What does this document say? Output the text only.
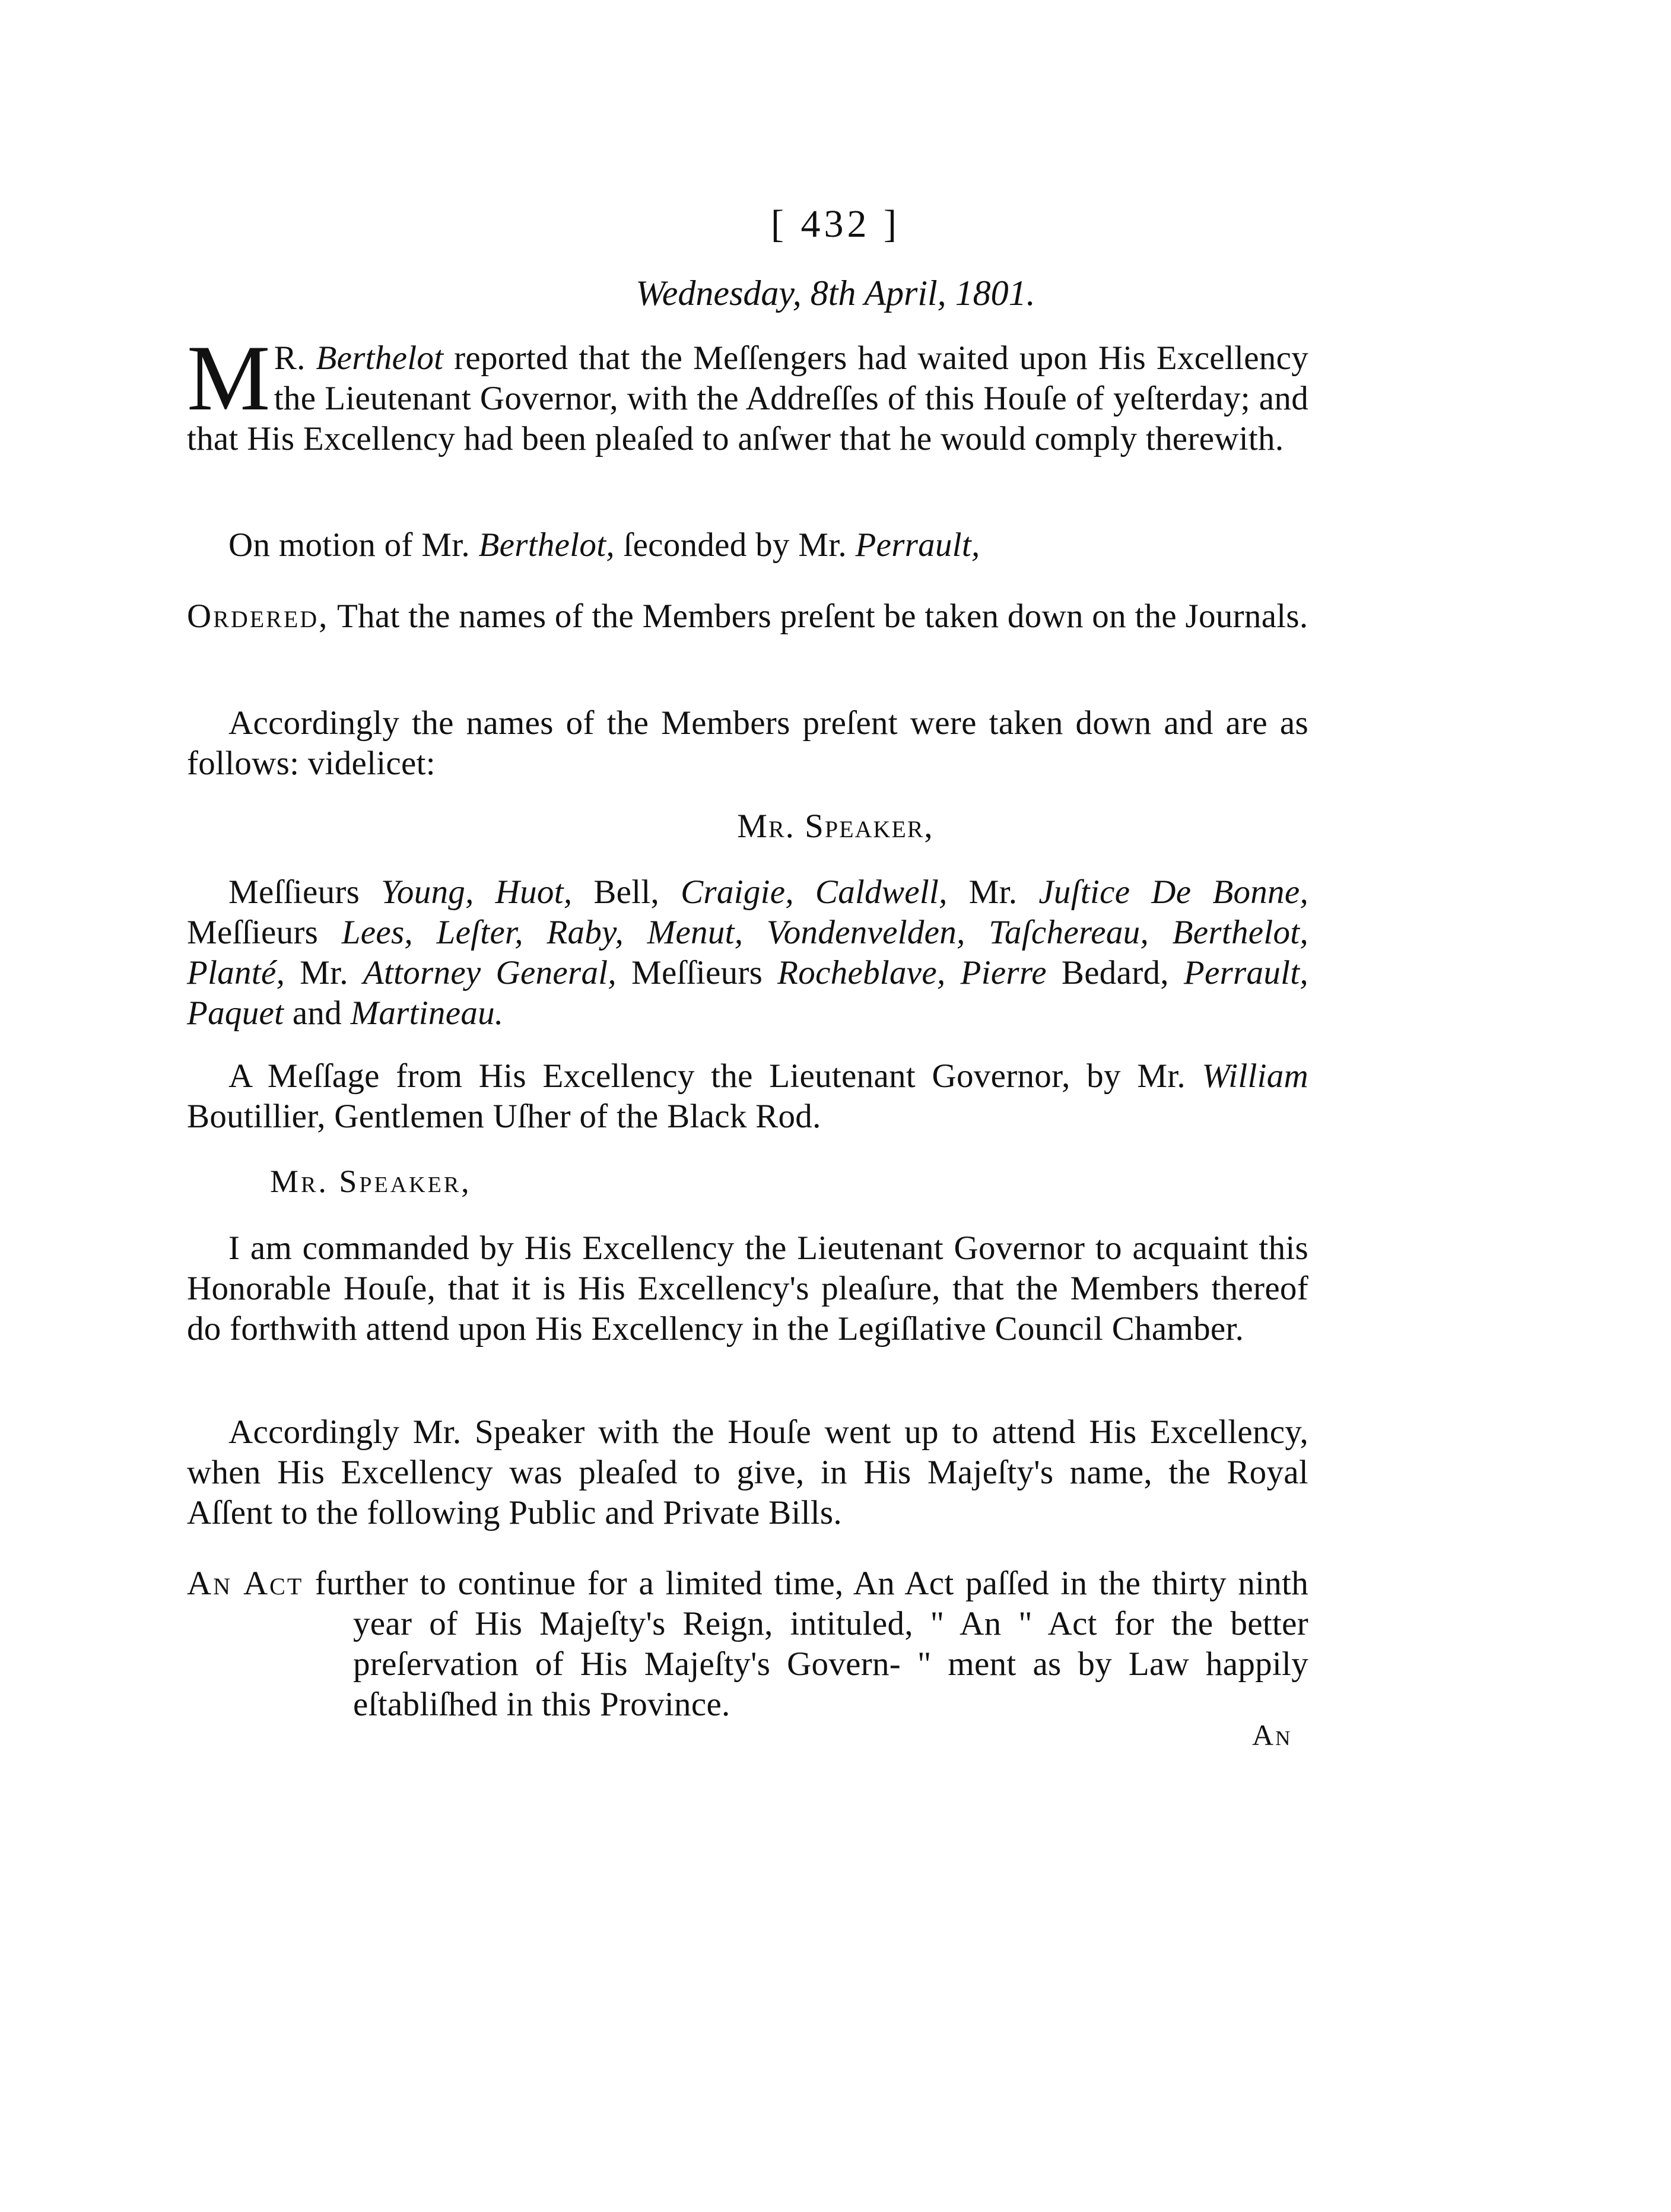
[ 432 ]
Wednesday, 8th April, 1801.
M R. Berthelot reported that the Meſſengers had waited upon His Excellency the Lieutenant Governor, with the Addreſſes of this Houſe of yeſterday; and that His Excellency had been pleaſed to anſwer that he would comply therewith.
On motion of Mr. Berthelot, ſeconded by Mr. Perrault,
Ordered, That the names of the Members preſent be taken down on the Journals.
Accordingly the names of the Members preſent were taken down and are as follows: videlicet:
Mr. Speaker,
Meſſieurs Young, Huot, Bell, Craigie, Caldwell, Mr. Juſtice De Bonne, Meſſieurs Lees, Leſter, Raby, Menut, Vondenvelden, Taſchereau, Berthelot, Planté, Mr. Attorney General, Meſſieurs Rocheblave, Pierre Bedard, Perrault, Paquet and Martineau.
A Meſſage from His Excellency the Lieutenant Governor, by Mr. William Boutillier, Gentlemen Uſher of the Black Rod.
Mr. Speaker,
I am commanded by His Excellency the Lieutenant Governor to acquaint this Honorable Houſe, that it is His Excellency's pleaſure, that the Members thereof do forthwith attend upon His Excellency in the Legiſlative Council Chamber.
Accordingly Mr. Speaker with the Houſe went up to attend His Excellency, when His Excellency was pleaſed to give, in His Majeſty's name, the Royal Aſſent to the following Public and Private Bills.
An Act further to continue for a limited time, An Act paſſed in the thirty ninth year of His Majeſty's Reign, intituled, " An " Act for the better preſervation of His Majeſty's Govern- " ment as by Law happily eſtabliſhed in this Province.
An
